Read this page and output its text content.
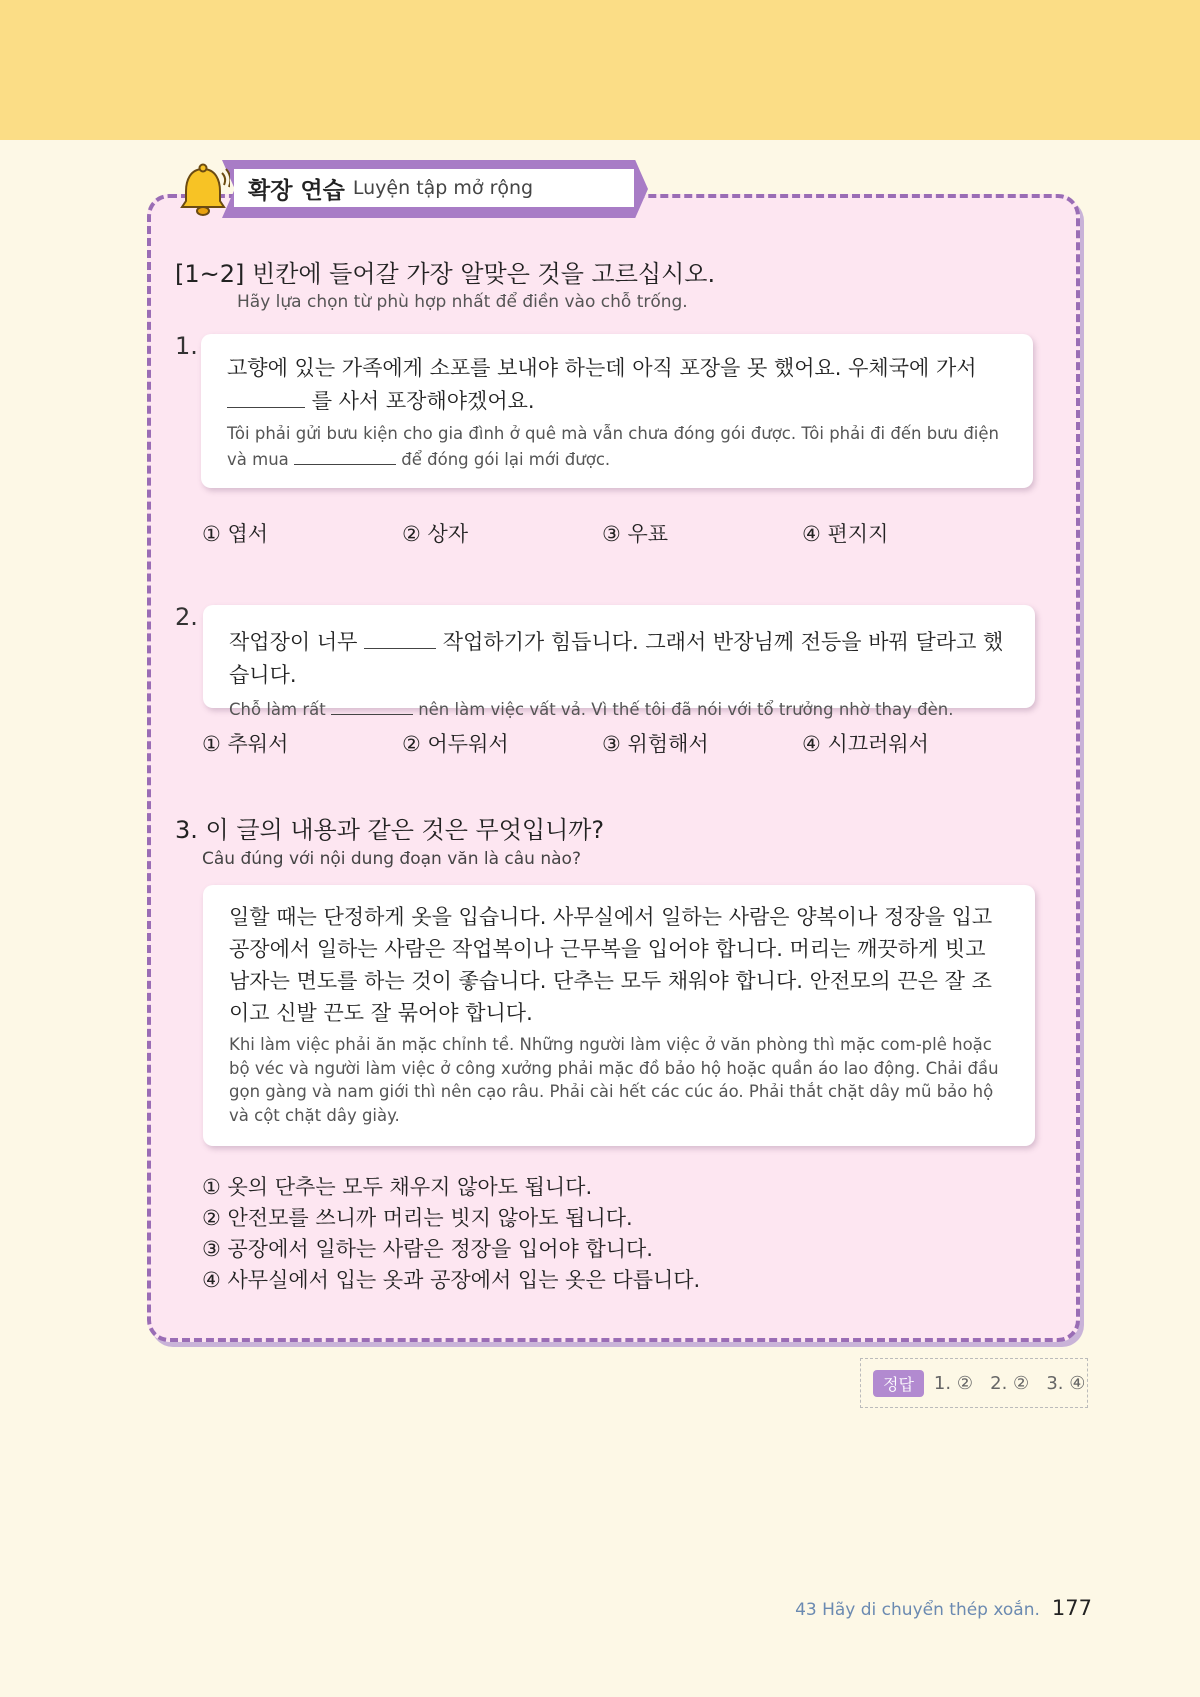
확장 연습 Luyện tập mở rộng
[1~2] 빈칸에 들어갈 가장 알맞은 것을 고르십시오.
Hãy lựa chọn từ phù hợp nhất để điền vào chỗ trống.
1.
고향에 있는 가족에게 소포를 보내야 하는데 아직 포장을 못 했어요. 우체국에 가서  를 사서 포장해야겠어요.
Tôi phải gửi bưu kiện cho gia đình ở quê mà vẫn chưa đóng gói được. Tôi phải đi đến bưu điện và mua	để đóng gói lại mới được.
① 엽서	② 상자	③ 우표	④ 편지지
2.
작업장이 너무	작업하기가 힘듭니다. 그래서 반장님께 전등을 바꿔 달라고 했습니다.
Chỗ làm rất	nên làm việc vất vả. Vì thế tôi đã nói với tổ trưởng nhờ thay đèn.
① 추워서	② 어두워서	③ 위험해서	④ 시끄러워서
3. 이 글의 내용과 같은 것은 무엇입니까?
Câu đúng với nội dung đoạn văn là câu nào?
일할 때는 단정하게 옷을 입습니다. 사무실에서 일하는 사람은 양복이나 정장을 입고 공장에서 일하는 사람은 작업복이나 근무복을 입어야 합니다. 머리는 깨끗하게 빗고 남자는 면도를 하는 것이 좋습니다. 단추는 모두 채워야 합니다. 안전모의 끈은 잘 조이고 신발 끈도 잘 묶어야 합니다.
Khi làm việc phải ăn mặc chỉnh tề. Những người làm việc ở văn phòng thì mặc com-plê hoặc bộ véc và người làm việc ở công xưởng phải mặc đồ bảo hộ hoặc quần áo lao động. Chải đầu gọn gàng và nam giới thì nên cạo râu. Phải cài hết các cúc áo. Phải thắt chặt dây mũ bảo hộ và cột chặt dây giày.
① 옷의 단추는 모두 채우지 않아도 됩니다.
② 안전모를 쓰니까 머리는 빗지 않아도 됩니다.
③ 공장에서 일하는 사람은 정장을 입어야 합니다.
④ 사무실에서 입는 옷과 공장에서 입는 옷은 다릅니다.
정답	1. ②   2. ②   3. ④
43 Hãy di chuyển thép xoắn. 177
